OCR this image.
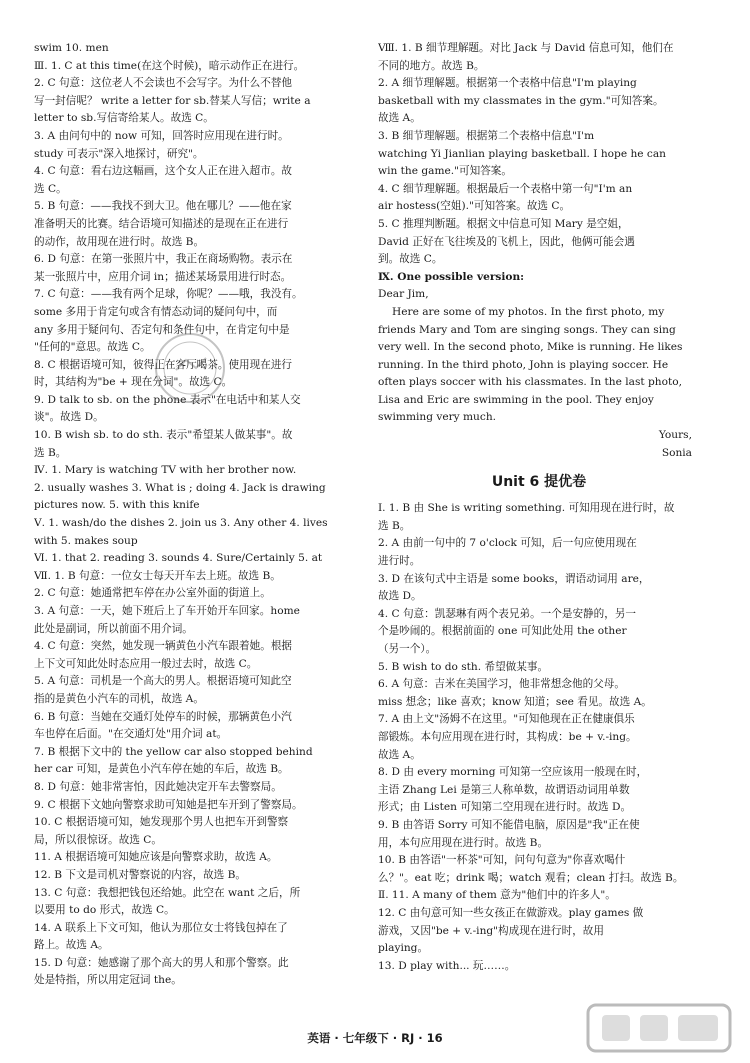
swim 10. men
Ⅲ. 1. C at this time(在这个时候)，暗示动作正在进行。
2. C 句意：这位老人不会读也不会写字。为什么不替他
写一封信呢？ write a letter for sb.替某人写信；write a
letter to sb.写信寄给某人。故选 C。
3. A 由问句中的 now 可知，回答时应用现在进行时。
study 可表示"深入地探讨，研究"。
4. C 句意：看右边这幅画，这个女人正在进入超市。故
选 C。
5. B 句意：——我找不到大卫。他在哪儿？——他在家
准备明天的比赛。结合语境可知描述的是现在正在进行
的动作，故用现在进行时。故选 B。
6. D 句意：在第一张照片中，我正在商场购物。表示在
某一张照片中，应用介词 in；描述某场景用进行时态。
7. C 句意：——我有两个足球，你呢？——哦，我没有。
some 多用于肯定句或含有情态动词的疑问句中，而
any 多用于疑问句、否定句和条件句中，在肯定句中是
"任何的"意思。故选 C。
8. C 根据语境可知，彼得正在客厅喝茶。使用现在进行
时，其结构为"be + 现在分词"。故选 C。
9. D talk to sb. on the phone 表示"在电话中和某人交
谈"。故选 D。
10. B wish sb. to do sth. 表示"希望某人做某事"。故
选 B。
Ⅳ. 1. Mary is watching TV with her brother now.
2. usually washes 3. What is ; doing 4. Jack is drawing
pictures now. 5. with this knife
Ⅴ. 1. wash/do the dishes 2. join us 3. Any other 4. lives
with 5. makes soup
Ⅵ. 1. that 2. reading 3. sounds 4. Sure/Certainly 5. at
Ⅶ. 1. B 句意：一位女士每天开车去上班。故选 B。
2. C 句意：她通常把车停在办公室外面的街道上。
3. A 句意：一天，她下班后上了车开始开车回家。home
此处是副词，所以前面不用介词。
4. C 句意：突然，她发现一辆黄色小汽车跟着她。根据
上下文可知此处时态应用一般过去时，故选 C。
5. A 句意：司机是一个高大的男人。根据语境可知此空
指的是黄色小汽车的司机，故选 A。
6. B 句意：当她在交通灯处停车的时候，那辆黄色小汽
车也停在后面。"在交通灯处"用介词 at。
7. B 根据下文中的 the yellow car also stopped behind
her car 可知，是黄色小汽车停在她的车后，故选 B。
8. D 句意：她非常害怕，因此她决定开车去警察局。
9. C 根据下文她向警察求助可知她是把车开到了警察局。
10. C 根据语境可知，她发现那个男人也把车开到警察
局，所以很惊讶。故选 C。
11. A 根据语境可知她应该是向警察求助，故选 A。
12. B 下文是司机对警察说的内容，故选 B。
13. C 句意：我想把钱包还给她。此空在 want 之后，所
以要用 to do 形式，故选 C。
14. A 联系上下文可知，他认为那位女士将钱包掉在了
路上。故选 A。
15. D 句意：她感谢了那个高大的男人和那个警察。此
处是特指，所以用定冠词 the。
Ⅷ. 1. B 细节理解题。对比 Jack 与 David 信息可知，他们在
不同的地方。故选 B。
2. A 细节理解题。根据第一个表格中信息"I'm playing
basketball with my classmates in the gym."可知答案。
故选 A。
3. B 细节理解题。根据第二个表格中信息"I'm
watching Yi Jianlian playing basketball. I hope he can
win the game."可知答案。
4. C 细节理解题。根据最后一个表格中第一句"I'm an
air hostess(空姐)."可知答案。故选 C。
5. C 推理判断题。根据文中信息可知 Mary 是空姐，
David 正好在飞往埃及的飞机上，因此，他俩可能会遇
到。故选 C。
Ⅸ. One possible version:
Dear Jim,
Here are some of my photos. In the first photo, my
friends Mary and Tom are singing songs. They can sing
very well. In the second photo, Mike is running. He likes
running. In the third photo, John is playing soccer. He
often plays soccer with his classmates. In the last photo,
Lisa and Eric are swimming in the pool. They enjoy
swimming very much.
Yours,
Sonia
Unit 6 提优卷
Ⅰ. 1. B 由 She is writing something. 可知用现在进行时，故
选 B。
2. A 由前一句中的 7 o'clock 可知，后一句应使用现在
进行时。
3. D 在该句式中主语是 some books，谓语动词用 are，
故选 D。
4. C 句意：凯瑟琳有两个表兄弟。一个是安静的，另一
个是吵闹的。根据前面的 one 可知此处用 the other
（另一个）。
5. B wish to do sth. 希望做某事。
6. A 句意：吉米在美国学习，他非常想念他的父母。
miss 想念；like 喜欢；know 知道；see 看见。故选 A。
7. A 由上文"汤姆不在这里。"可知他现在正在健康俱乐
部锻炼。本句应用现在进行时，其构成：be + v.-ing。
故选 A。
8. D 由 every morning 可知第一空应该用一般现在时，
主语 Zhang Lei 是第三人称单数，故谓语动词用单数
形式；由 Listen 可知第二空用现在进行时。故选 D。
9. B 由答语 Sorry 可知不能借电脑，原因是"我"正在使
用，本句应用现在进行时。故选 B。
10. B 由答语"一杯茶"可知，问句句意为"你喜欢喝什
么？"。eat 吃；drink 喝；watch 观看；clean 打扫。故选 B。
Ⅱ. 11. A many of them 意为"他们中的许多人"。
12. C 由句意可知一些女孩正在做游戏。play games 做
游戏，又因"be + v.-ing"构成现在进行时，故用
playing。
13. D play with... 玩……。
英语 · 七年级下 · RJ · 16
